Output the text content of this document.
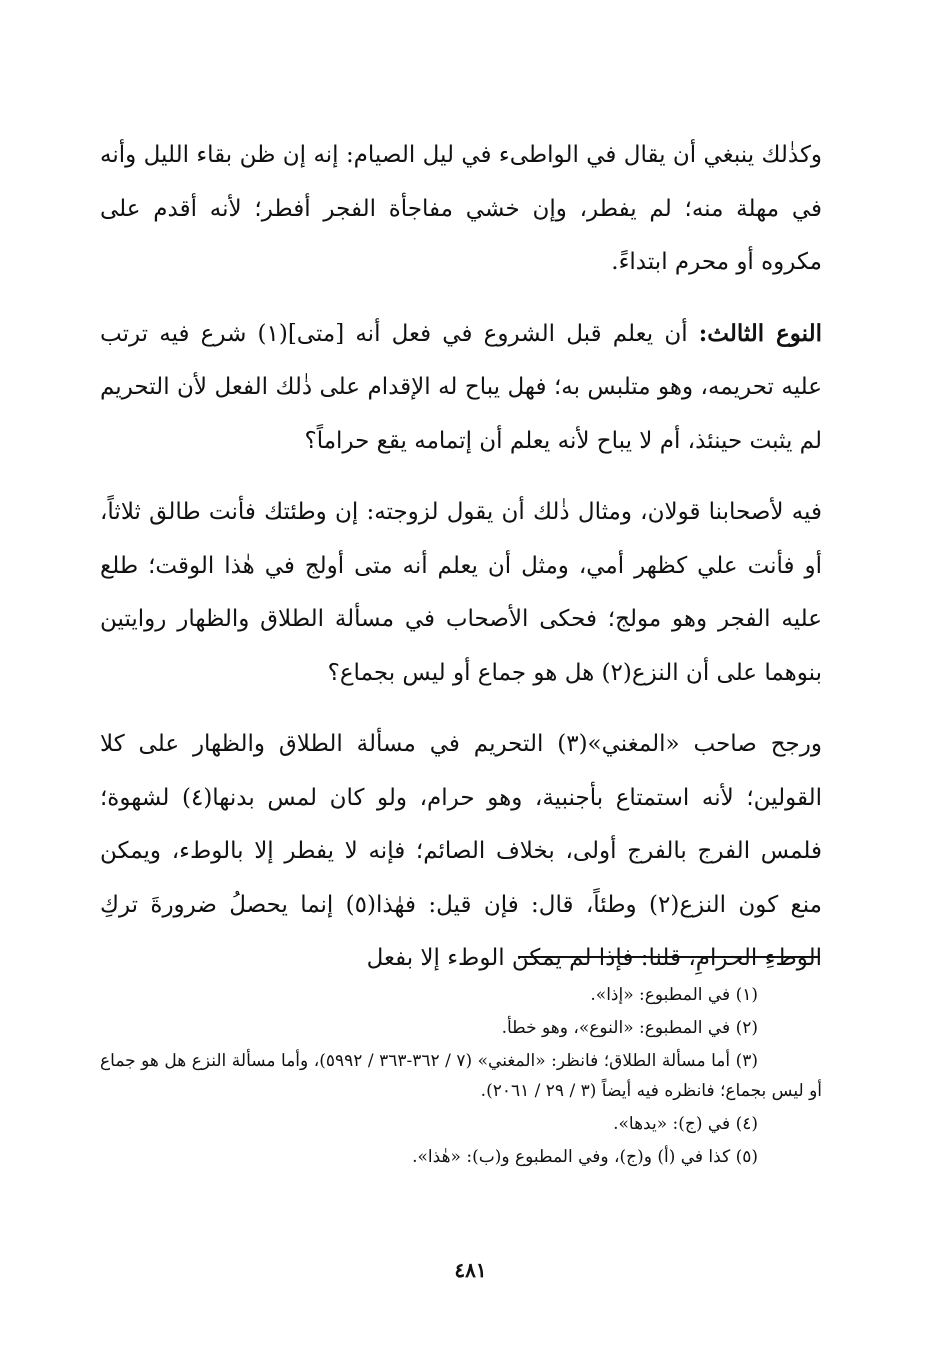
وكذٰلك ينبغي أن يقال في الواطىء في ليل الصيام: إنه إن ظن بقاء الليل وأنه في مهلة منه؛ لم يفطر، وإن خشي مفاجأة الفجر أفطر؛ لأنه أقدم على مكروه أو محرم ابتداءً.

النوع الثالث: أن يعلم قبل الشروع في فعل أنه [متى](١) شرع فيه ترتب عليه تحريمه، وهو متلبس به؛ فهل يباح له الإقدام على ذٰلك الفعل لأن التحريم لم يثبت حينئذ، أم لا يباح لأنه يعلم أن إتمامه يقع حراماً؟

فيه لأصحابنا قولان، ومثال ذٰلك أن يقول لزوجته: إن وطئتك فأنت طالق ثلاثاً، أو فأنت علي كظهر أمي، ومثل أن يعلم أنه متى أولج في هٰذا الوقت؛ طلع عليه الفجر وهو مولج؛ فحكى الأصحاب في مسألة الطلاق والظهار روايتين بنوهما على أن النزع(٢) هل هو جماع أو ليس بجماع؟

ورجح صاحب «المغني»(٣) التحريم في مسألة الطلاق والظهار على كلا القولين؛ لأنه استمتاع بأجنبية، وهو حرام، ولو كان لمس بدنها(٤) لشهوة؛ فلمس الفرج بالفرج أولى، بخلاف الصائم؛ فإنه لا يفطر إلا بالوطء، ويمكن منع كون النزع(٢) وطئاً، قال: فإن قيل: فهٰذا(٥) إنما يحصلُ ضرورةَ تركِ الوطءِ الحرامِ، قلنا: فإذا لم يمكن الوطء إلا بفعل

(١) في المطبوع: «إذا».

(٢) في المطبوع: «النوع»، وهو خطأ.

(٣) أما مسألة الطلاق؛ فانظر: «المغني» (٧ / ٣٦٢-٣٦٣ / ٥٩٩٢)، وأما مسألة النزع هل هو جماع أو ليس بجماع؛ فانظره فيه أيضاً (٣ / ٢٩ / ٢٠٦١).

(٤) في (ج): «يدها».

(٥) كذا في (أ) و(ج)، وفي المطبوع و(ب): «هٰذا».

٤٨١
